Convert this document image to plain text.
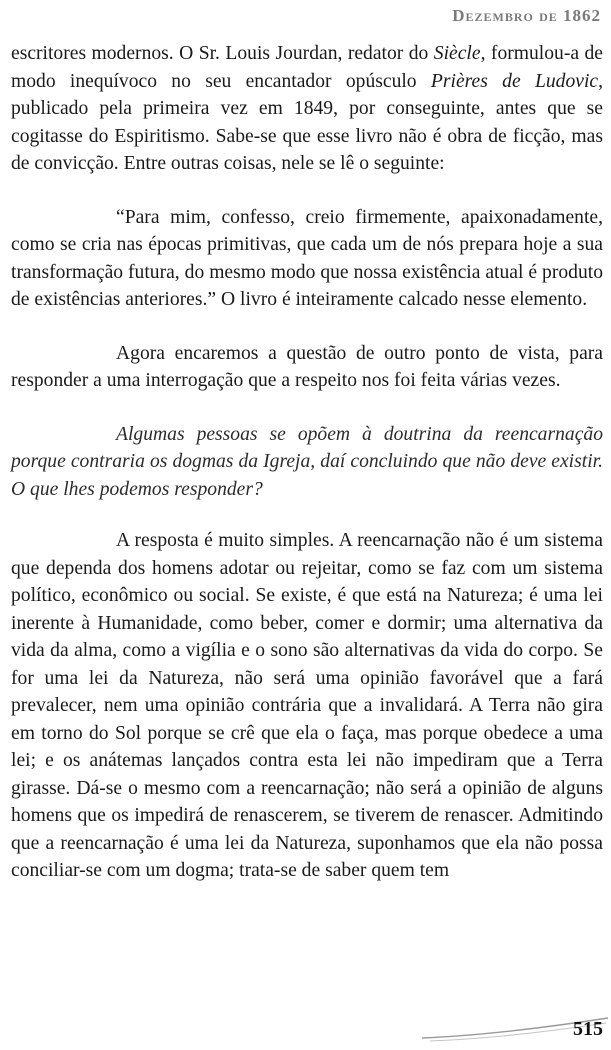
Dezembro de 1862

escritores modernos. O Sr. Louis Jourdan, redator do Siècle, formulou-a de modo inequívoco no seu encantador opúsculo Prières de Ludovic, publicado pela primeira vez em 1849, por conseguinte, antes que se cogitasse do Espiritismo. Sabe-se que esse livro não é obra de ficção, mas de convicção. Entre outras coisas, nele se lê o seguinte:

“Para mim, confesso, creio firmemente, apaixonadamente, como se cria nas épocas primitivas, que cada um de nós prepara hoje a sua transformação futura, do mesmo modo que nossa existência atual é produto de existências anteriores.” O livro é inteiramente calcado nesse elemento.

Agora encaremos a questão de outro ponto de vista, para responder a uma interrogação que a respeito nos foi feita várias vezes.

Algumas pessoas se opõem à doutrina da reencarnação porque contraria os dogmas da Igreja, daí concluindo que não deve existir. O que lhes podemos responder?

A resposta é muito simples. A reencarnação não é um sistema que dependa dos homens adotar ou rejeitar, como se faz com um sistema político, econômico ou social. Se existe, é que está na Natureza; é uma lei inerente à Humanidade, como beber, comer e dormir; uma alternativa da vida da alma, como a vigília e o sono são alternativas da vida do corpo. Se for uma lei da Natureza, não será uma opinião favorável que a fará prevalecer, nem uma opinião contrária que a invalidará. A Terra não gira em torno do Sol porque se crê que ela o faça, mas porque obedece a uma lei; e os anátemas lançados contra esta lei não impediram que a Terra girasse. Dá-se o mesmo com a reencarnação; não será a opinião de alguns homens que os impedirá de renascerem, se tiverem de renascer. Admitindo que a reencarnação é uma lei da Natureza, suponhamos que ela não possa conciliar-se com um dogma; trata-se de saber quem tem

515
